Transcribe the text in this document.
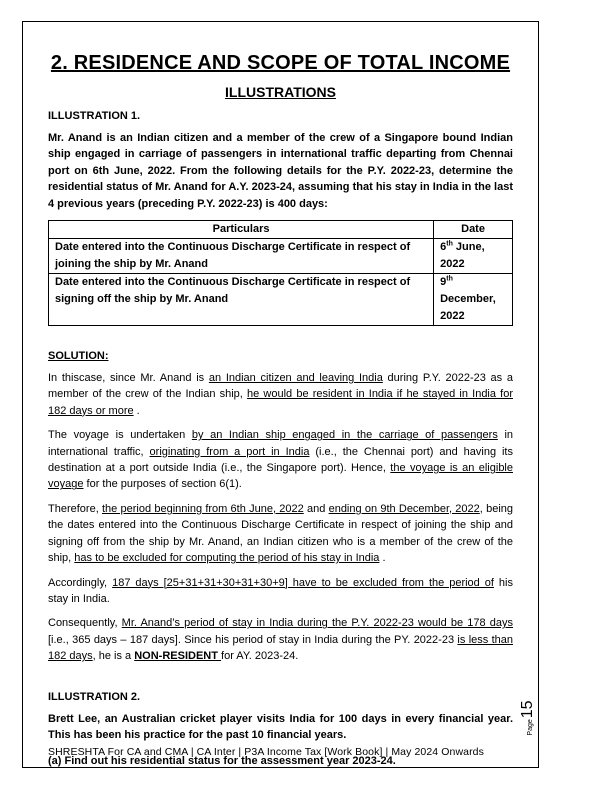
2. RESIDENCE AND SCOPE OF TOTAL INCOME
ILLUSTRATIONS

ILLUSTRATION 1.

Mr. Anand is an Indian citizen and a member of the crew of a Singapore bound Indian ship engaged in carriage of passengers in international traffic departing from Chennai port on 6th June, 2022. From the following details for the P.Y. 2022-23, determine the residential status of Mr. Anand for A.Y. 2023-24, assuming that his stay in India in the last 4 previous years (preceding P.Y. 2022-23) is 400 days:

Particulars	Date
Date entered into the Continuous Discharge Certificate in respect of joining the ship by Mr. Anand	6th June, 2022
Date entered into the Continuous Discharge Certificate in respect of signing off the ship by Mr. Anand	9th December, 2022

SOLUTION:

In thiscase, since Mr. Anand is an Indian citizen and leaving India during P.Y. 2022-23 as a member of the crew of the Indian ship, he would be resident in India if he stayed in India for 182 days or more .

The voyage is undertaken by an Indian ship engaged in the carriage of passengers in international traffic, originating from a port in India (i.e., the Chennai port) and having its destination at a port outside India (i.e., the Singapore port). Hence, the voyage is an eligible voyage for the purposes of section 6(1).

Therefore, the period beginning from 6th June, 2022 and ending on 9th December, 2022, being the dates entered into the Continuous Discharge Certificate in respect of joining the ship and signing off from the ship by Mr. Anand, an Indian citizen who is a member of the crew of the ship, has to be excluded for computing the period of his stay in India .

Accordingly, 187 days [25+31+31+30+31+30+9] have to be excluded from the period of his stay in India.

Consequently, Mr. Anand’s period of stay in India during the P.Y. 2022-23 would be 178 days [i.e., 365 days – 187 days]. Since his period of stay in India during the PY. 2022-23 is less than 182 days, he is a NON-RESIDENT for AY. 2023-24.

ILLUSTRATION 2.

Brett Lee, an Australian cricket player visits India for 100 days in every financial year. This has been his practice for the past 10 financial years.

(a) Find out his residential status for the assessment year 2023-24.

SHRESHTA For CA and CMA | CA Inter | P3A Income Tax [Work Book] | May 2024 Onwards
Page
15
